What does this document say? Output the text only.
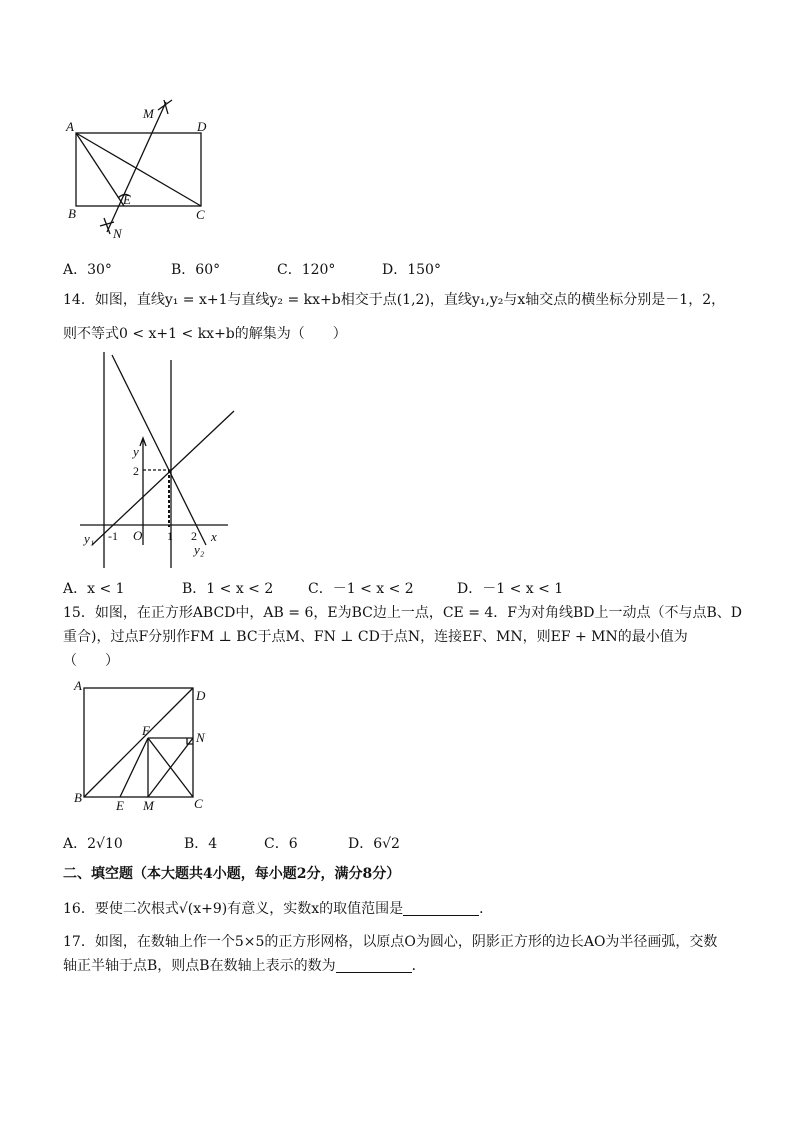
A	D
B	C
E
M
N
A．30°	B．60°	C．120°	D．150°
14．如图，直线y₁ = x+1与直线y₂ = kx+b相交于点(1,2)，直线y₁,y₂与x轴交点的横坐标分别是－1，2，
则不等式0 < x+1 < kx+b的解集为（　　）
y
x
2
-1 O 1 2
y₁
y₂
A．x < 1	B．1 < x < 2 C．－1 < x < 2	D．－1 < x < 1
15．如图，在正方形ABCD中，AB = 6，E为BC边上一点，CE = 4．F为对角线BD上一动点（不与点B、D
重合)，过点F分别作FM ⊥ BC于点M、FN ⊥ CD于点N，连接EF、MN，则EF + MN的最小值为
（　　）
A
D
B	C
E
F
M
N
A．2√10	B．4	C．6	D．6√2
二、填空题（本大题共4小题，每小题2分，满分8分）
16．要使二次根式√(x+9)有意义，实数x的取值范围是	．
17．如图，在数轴上作一个5×5的正方形网格，以原点O为圆心，阴影正方形的边长AO为半径画弧，交数
轴正半轴于点B，则点B在数轴上表示的数为	．
